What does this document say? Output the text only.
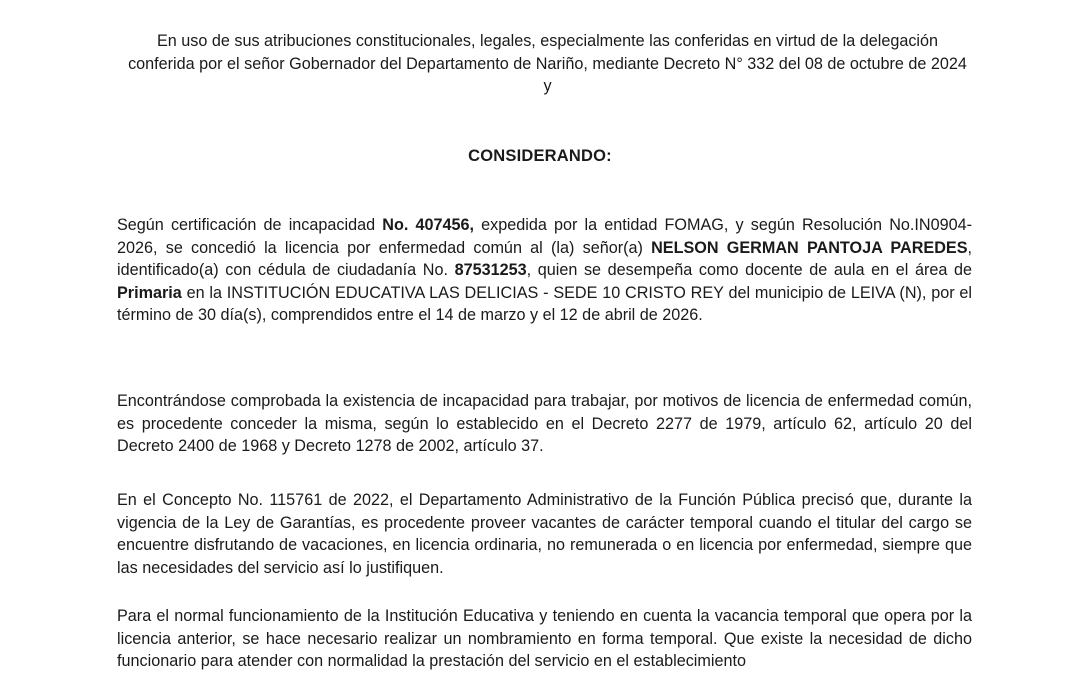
En uso de sus atribuciones constitucionales, legales, especialmente las conferidas en virtud de la delegación conferida por el señor Gobernador del Departamento de Nariño, mediante Decreto N° 332 del 08 de octubre de 2024 y

CONSIDERANDO:

Según certificación de incapacidad No. 407456, expedida por la entidad FOMAG, y según Resolución No.IN0904-2026, se concedió la licencia por enfermedad común al (la) señor(a) NELSON GERMAN PANTOJA PAREDES, identificado(a) con cédula de ciudadanía No. 87531253, quien se desempeña como docente de aula en el área de Primaria en la INSTITUCIÓN EDUCATIVA LAS DELICIAS - SEDE 10 CRISTO REY del municipio de LEIVA (N), por el término de 30 día(s), comprendidos entre el 14 de marzo y el 12 de abril de 2026.

Encontrándose comprobada la existencia de incapacidad para trabajar, por motivos de licencia de enfermedad común, es procedente conceder la misma, según lo establecido en el Decreto 2277 de 1979, artículo 62, artículo 20 del Decreto 2400 de 1968 y Decreto 1278 de 2002, artículo 37.

En el Concepto No. 115761 de 2022, el Departamento Administrativo de la Función Pública precisó que, durante la vigencia de la Ley de Garantías, es procedente proveer vacantes de carácter temporal cuando el titular del cargo se encuentre disfrutando de vacaciones, en licencia ordinaria, no remunerada o en licencia por enfermedad, siempre que las necesidades del servicio así lo justifiquen.

Para el normal funcionamiento de la Institución Educativa y teniendo en cuenta la vacancia temporal que opera por la licencia anterior, se hace necesario realizar un nombramiento en forma temporal. Que existe la necesidad de dicho funcionario para atender con normalidad la prestación del servicio en el establecimiento
